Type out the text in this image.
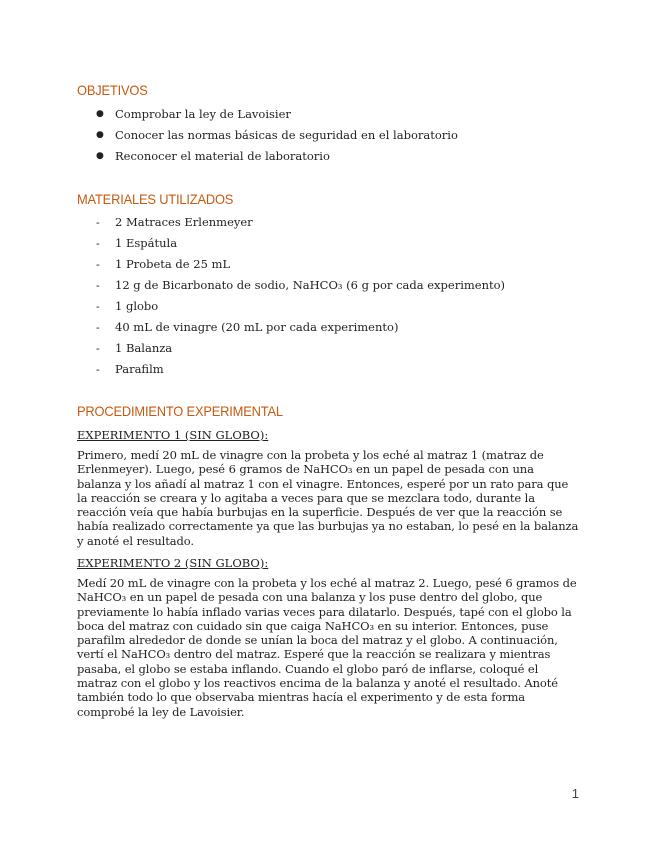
OBJETIVOS
● Comprobar la ley de Lavoisier
● Conocer las normas básicas de seguridad en el laboratorio
● Reconocer el material de laboratorio
MATERIALES UTILIZADOS
- 2 Matraces Erlenmeyer
- 1 Espátula
- 1 Probeta de 25 mL
- 12 g de Bicarbonato de sodio, NaHCO₃ (6 g por cada experimento)
- 1 globo
- 40 mL de vinagre (20 mL por cada experimento)
- 1 Balanza
- Parafilm
PROCEDIMIENTO EXPERIMENTAL

EXPERIMENTO 1 (SIN GLOBO):

Primero, medí 20 mL de vinagre con la probeta y los eché al matraz 1 (matraz de Erlenmeyer). Luego, pesé 6 gramos de NaHCO₃ en un papel de pesada con una balanza y los añadí al matraz 1 con el vinagre. Entonces, esperé por un rato para que la reacción se creara y lo agitaba a veces para que se mezclara todo, durante la reacción veía que había burbujas en la superficie. Después de ver que la reacción se había realizado correctamente ya que las burbujas ya no estaban, lo pesé en la balanza y anoté el resultado.

EXPERIMENTO 2 (SIN GLOBO):

Medí 20 mL de vinagre con la probeta y los eché al matraz 2. Luego, pesé 6 gramos de NaHCO₃ en un papel de pesada con una balanza y los puse dentro del globo, que previamente lo había inflado varias veces para dilatarlo. Después, tapé con el globo la boca del matraz con cuidado sin que caiga NaHCO₃ en su interior. Entonces, puse parafilm alrededor de donde se unían la boca del matraz y el globo. A continuación, vertí el NaHCO₃ dentro del matraz. Esperé que la reacción se realizara y mientras pasaba, el globo se estaba inflando. Cuando el globo paró de inflarse, coloqué el matraz con el globo y los reactivos encima de la balanza y anoté el resultado. Anoté también todo lo que observaba mientras hacía el experimento y de esta forma comprobé la ley de Lavoisier.

1
